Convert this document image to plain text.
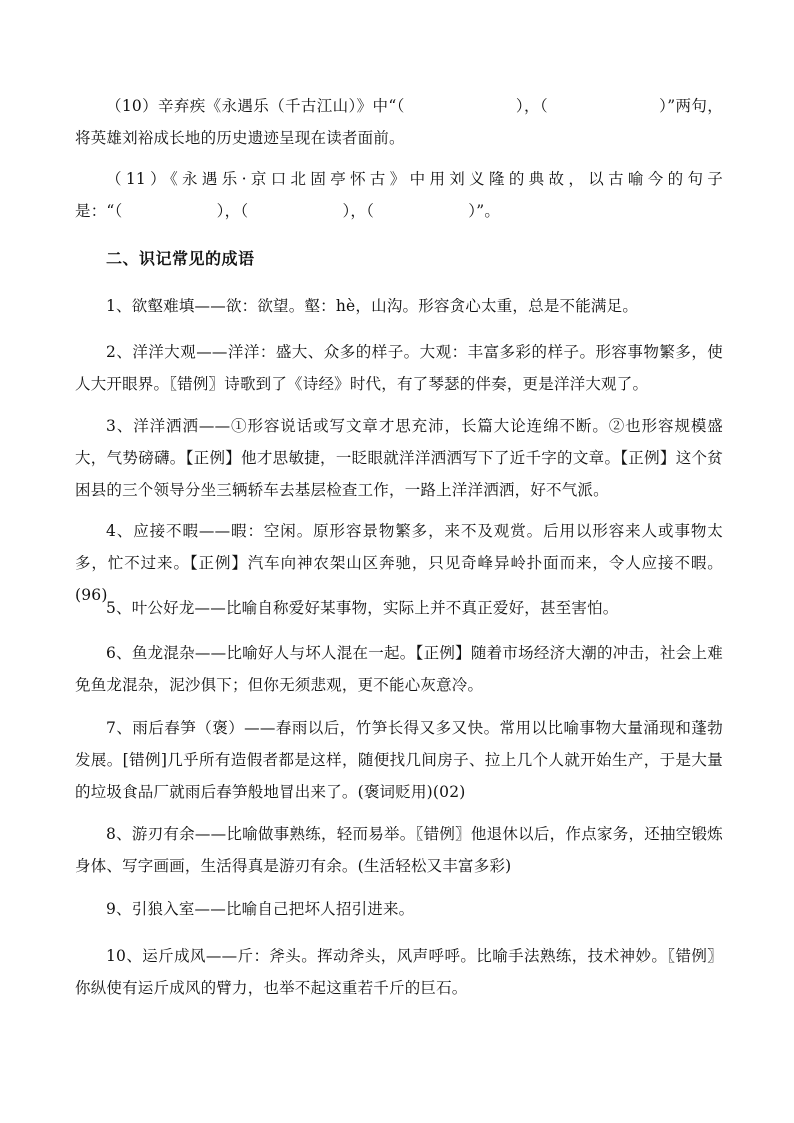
（10）辛弃疾《永遇乐（千古江山）》中“（　　　　　　　），（　　　　　　　）”两句，将英雄刘裕成长地的历史遗迹呈现在读者面前。
（11）《永遇乐·京口北固亭怀古》中用刘义隆的典故，以古喻今的句子是：“（　　　　　　），（　　　　　　），（　　　　　　）”。
二、识记常见的成语
1、欲壑难填——欲：欲望。壑：hè，山沟。形容贪心太重，总是不能满足。
2、洋洋大观——洋洋：盛大、众多的样子。大观：丰富多彩的样子。形容事物繁多，使人大开眼界。〖错例〗诗歌到了《诗经》时代，有了琴瑟的伴奏，更是洋洋大观了。
3、洋洋洒洒——①形容说话或写文章才思充沛，长篇大论连绵不断。②也形容规模盛大，气势磅礴。【正例】他才思敏捷，一眨眼就洋洋洒洒写下了近千字的文章。【正例】这个贫困县的三个领导分坐三辆轿车去基层检查工作，一路上洋洋洒洒，好不气派。
4、应接不暇——暇：空闲。原形容景物繁多，来不及观赏。后用以形容来人或事物太多，忙不过来。【正例】汽车向神农架山区奔驰，只见奇峰异岭扑面而来，令人应接不暇。(96)
5、叶公好龙——比喻自称爱好某事物，实际上并不真正爱好，甚至害怕。
6、鱼龙混杂——比喻好人与坏人混在一起。【正例】随着市场经济大潮的冲击，社会上难免鱼龙混杂，泥沙俱下；但你无须悲观，更不能心灰意冷。
7、雨后春笋（褒）——春雨以后，竹笋长得又多又快。常用以比喻事物大量涌现和蓬勃发展。[错例]几乎所有造假者都是这样，随便找几间房子、拉上几个人就开始生产，于是大量的垃圾食品厂就雨后春笋般地冒出来了。(褒词贬用)(02)
8、游刃有余——比喻做事熟练，轻而易举。〖错例〗他退休以后，作点家务，还抽空锻炼身体、写字画画，生活得真是游刃有余。(生活轻松又丰富多彩)
9、引狼入室——比喻自己把坏人招引进来。
10、运斤成风——斤：斧头。挥动斧头，风声呼呼。比喻手法熟练，技术神妙。〖错例〗你纵使有运斤成风的臂力，也举不起这重若千斤的巨石。
